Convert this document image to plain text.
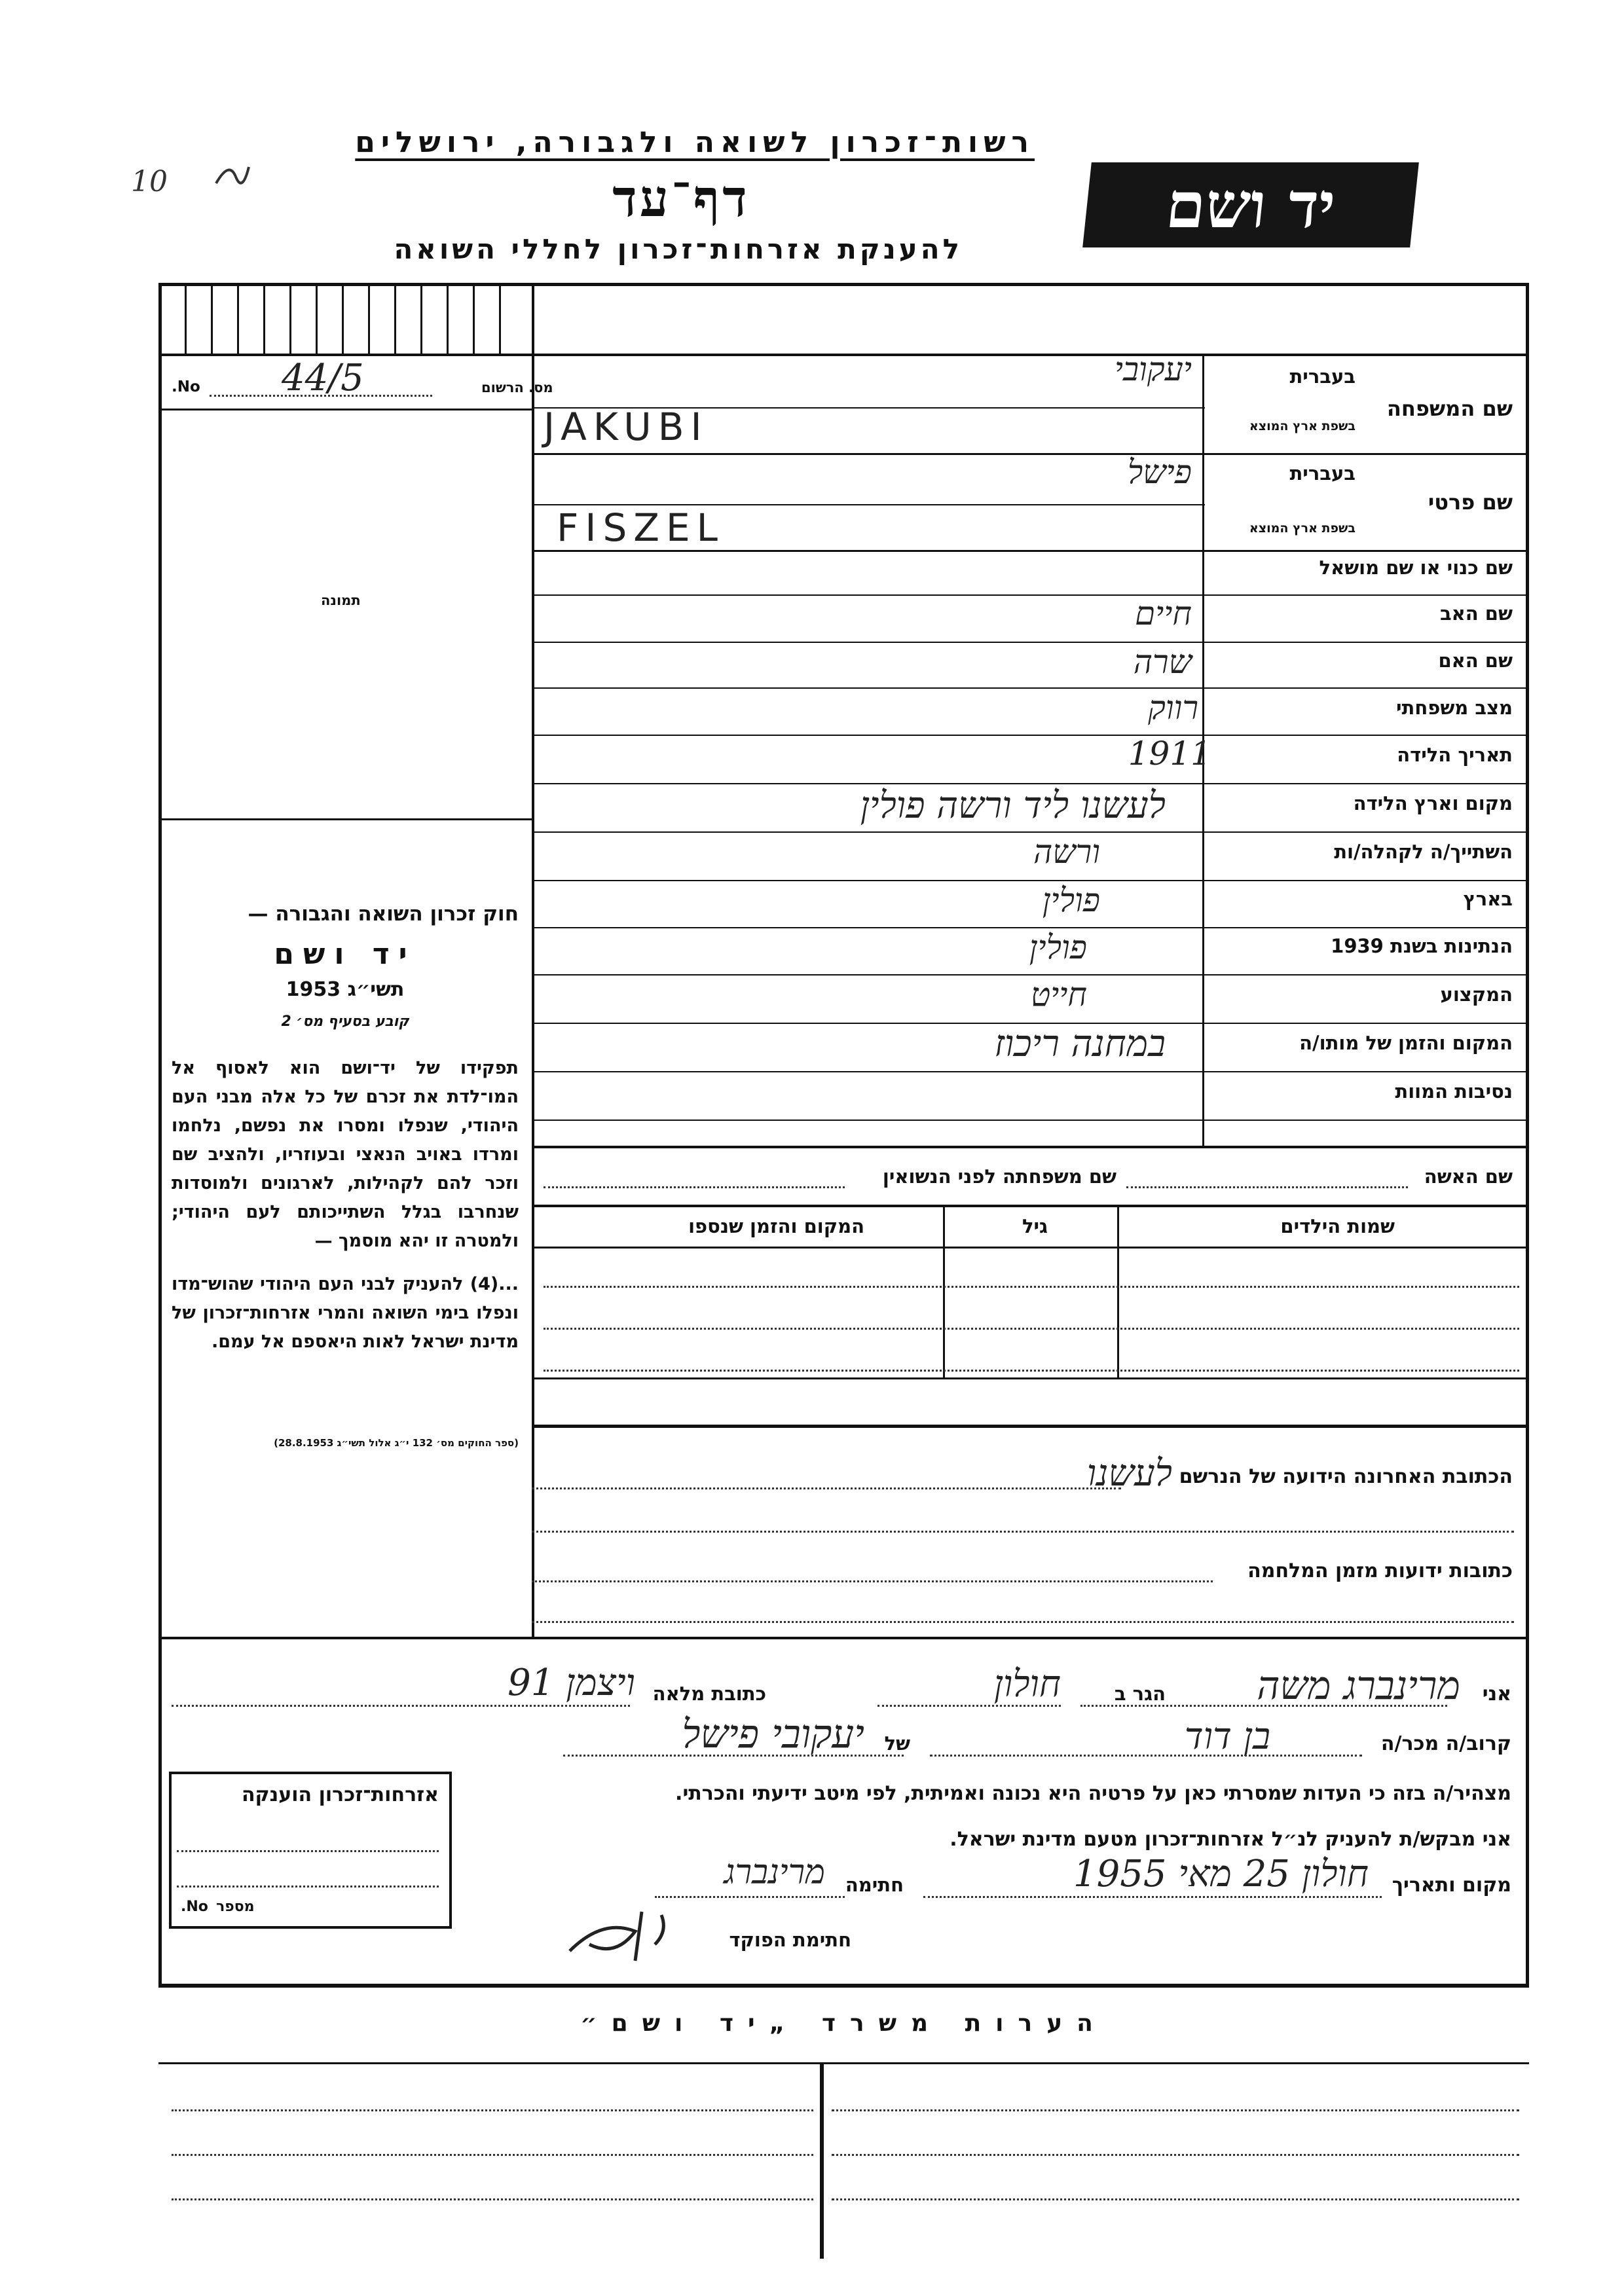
רשות־זכרון לשואה ולגבורה, ירושלים
דף־עד
להענקת אזרחות־זכרון לחללי השואה
יד ושם
10
מס. הרשום
No. 44/5
תמונה
חוק זכרון השואה והגבורה —
יד ושם
תשי״ג 1953
קובע בסעיף מס׳ 2
תפקידו של יד־ושם הוא לאסוף אל המו־לדת את זכרם של כל אלה מבני העם היהודי, שנפלו ומסרו את נפשם, נלחמו ומרדו באויב הנאצי ובעוזריו, ולהציב שם וזכר להם לקהילות, לארגונים ולמוסדות שנחרבו בגלל השתייכותם לעם היהודי; ולמטרה זו יהא מוסמך —
...(4) להעניק לבני העם היהודי שהוש־מדו ונפלו בימי השואה והמרי אזרחות־זכרון של מדינת ישראל לאות היאספם אל עמם.
(ספר החוקים מס׳ 132 י״ג אלול תשי״ג 28.8.1953)
שם המשפחה
בעברית
בשפת ארץ המוצא
יעקובי
JAKUBI
שם פרטי
בעברית
בשפת ארץ המוצא
פישל
FISZEL
שם כנוי או שם מושאל
שם האב
חיים
שם האם
שרה
מצב משפחתי
רווק
תאריך הלידה
1911
מקום וארץ הלידה
לעשנו ליד ורשה פולין
השתייך/ה לקהלה/ות
ורשה
בארץ
פולין
הנתינות בשנת 1939
פולין
המקצוע
חייט
המקום והזמן של מותו/ה
במחנה ריכוז
נסיבות המוות
שם האשה
שם משפחתה לפני הנשואין
שמות הילדים
גיל
המקום והזמן שנספו
הכתובת האחרונה הידועה של הנרשם
לעשנו
כתובות ידועות מזמן המלחמה
אני
מרינברג משה
הגר ב
חולון
כתובת מלאה
ויצמן 91
קרוב/ה מכר/ה
בן דוד
של
יעקובי פישל
מצהיר/ה בזה כי העדות שמסרתי כאן על פרטיה היא נכונה ואמיתית, לפי מיטב ידיעתי והכרתי.
אני מבקש/ת להעניק לנ״ל אזרחות־זכרון מטעם מדינת ישראל.
מקום ותאריך
חולון 25 מאי 1955
חתימה
מרינברג
חתימת הפוקד
אזרחות־זכרון הוענקה
No. מספר
הערות משרד „יד ושם״
